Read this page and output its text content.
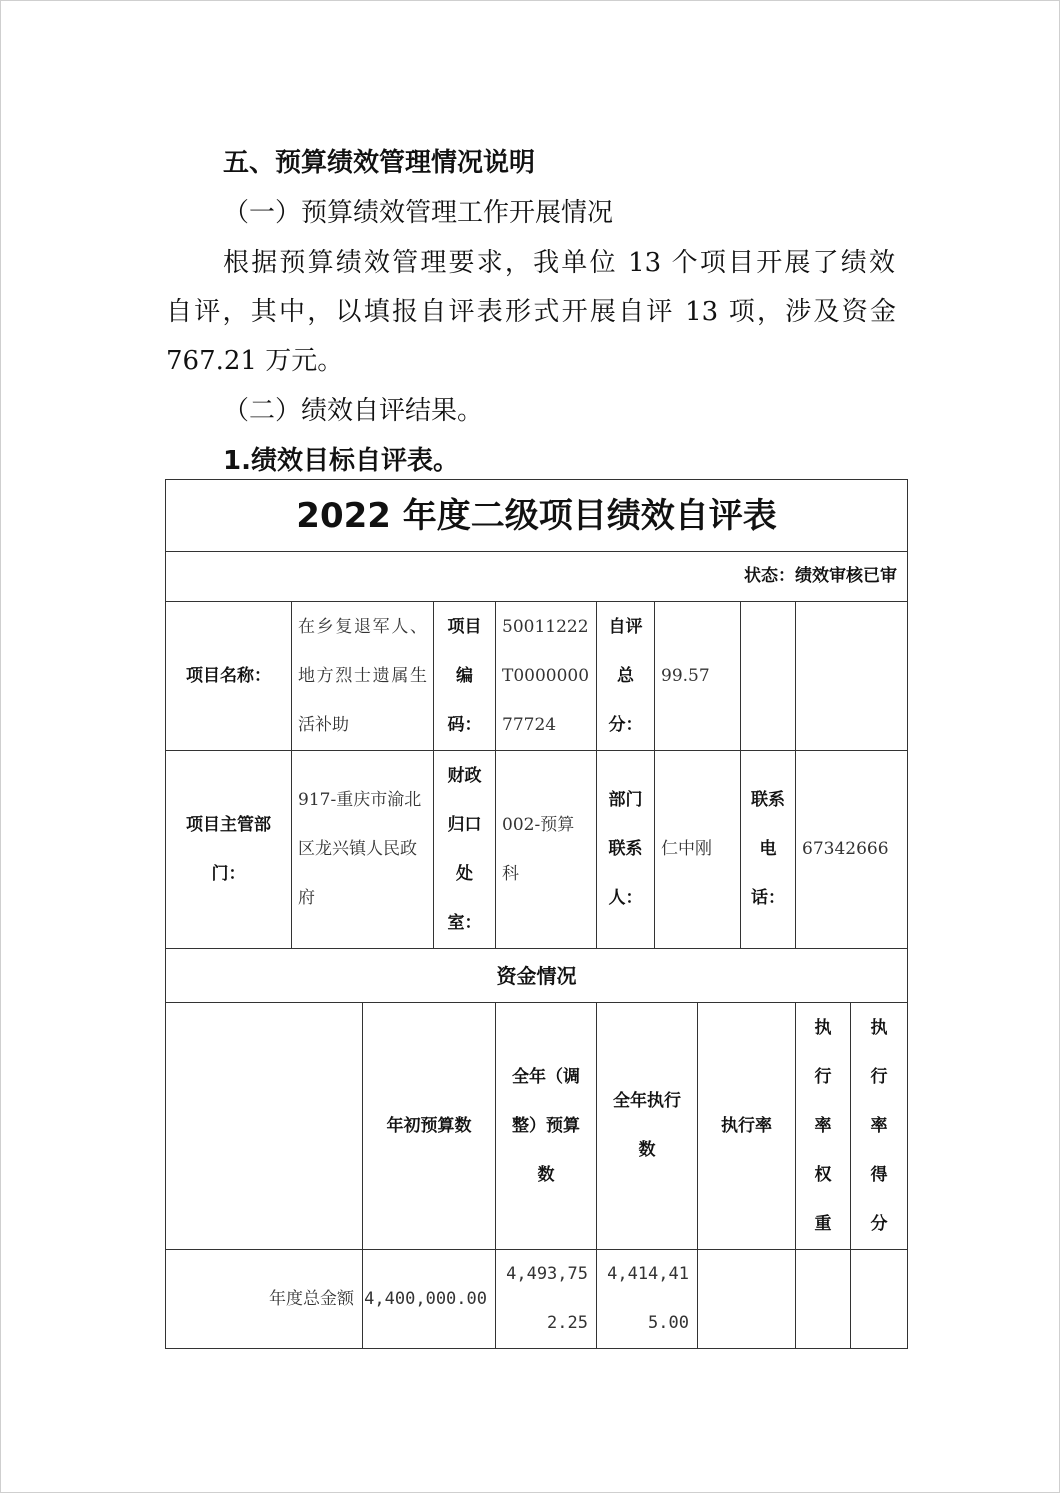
五、预算绩效管理情况说明
（一）预算绩效管理工作开展情况
根据预算绩效管理要求，我单位 13 个项目开展了绩效
自评，其中，以填报自评表形式开展自评 13 项，涉及资金
767.21 万元。
（二）绩效自评结果。
1.绩效目标自评表。
2022 年度二级项目绩效自评表										
状态：绩效审核已审										
项目名称：	在乡复退军人、地方烈士遗属生活补助		项目编码：	50011222T000000077724	自评总分：	99.57				
项目主管部门：	917-重庆市渝北区龙兴镇人民政府		财政归口处室：	002-预算科	部门联系人：	仁中刚		联系电话：	67342666	
资金情况										
		年初预算数		全年（调整）预算数	全年执行数		执行率		执行率权重	执行率得分
年度总金额		4,400,000.00		4,493,752.25	4,414,415.00					
